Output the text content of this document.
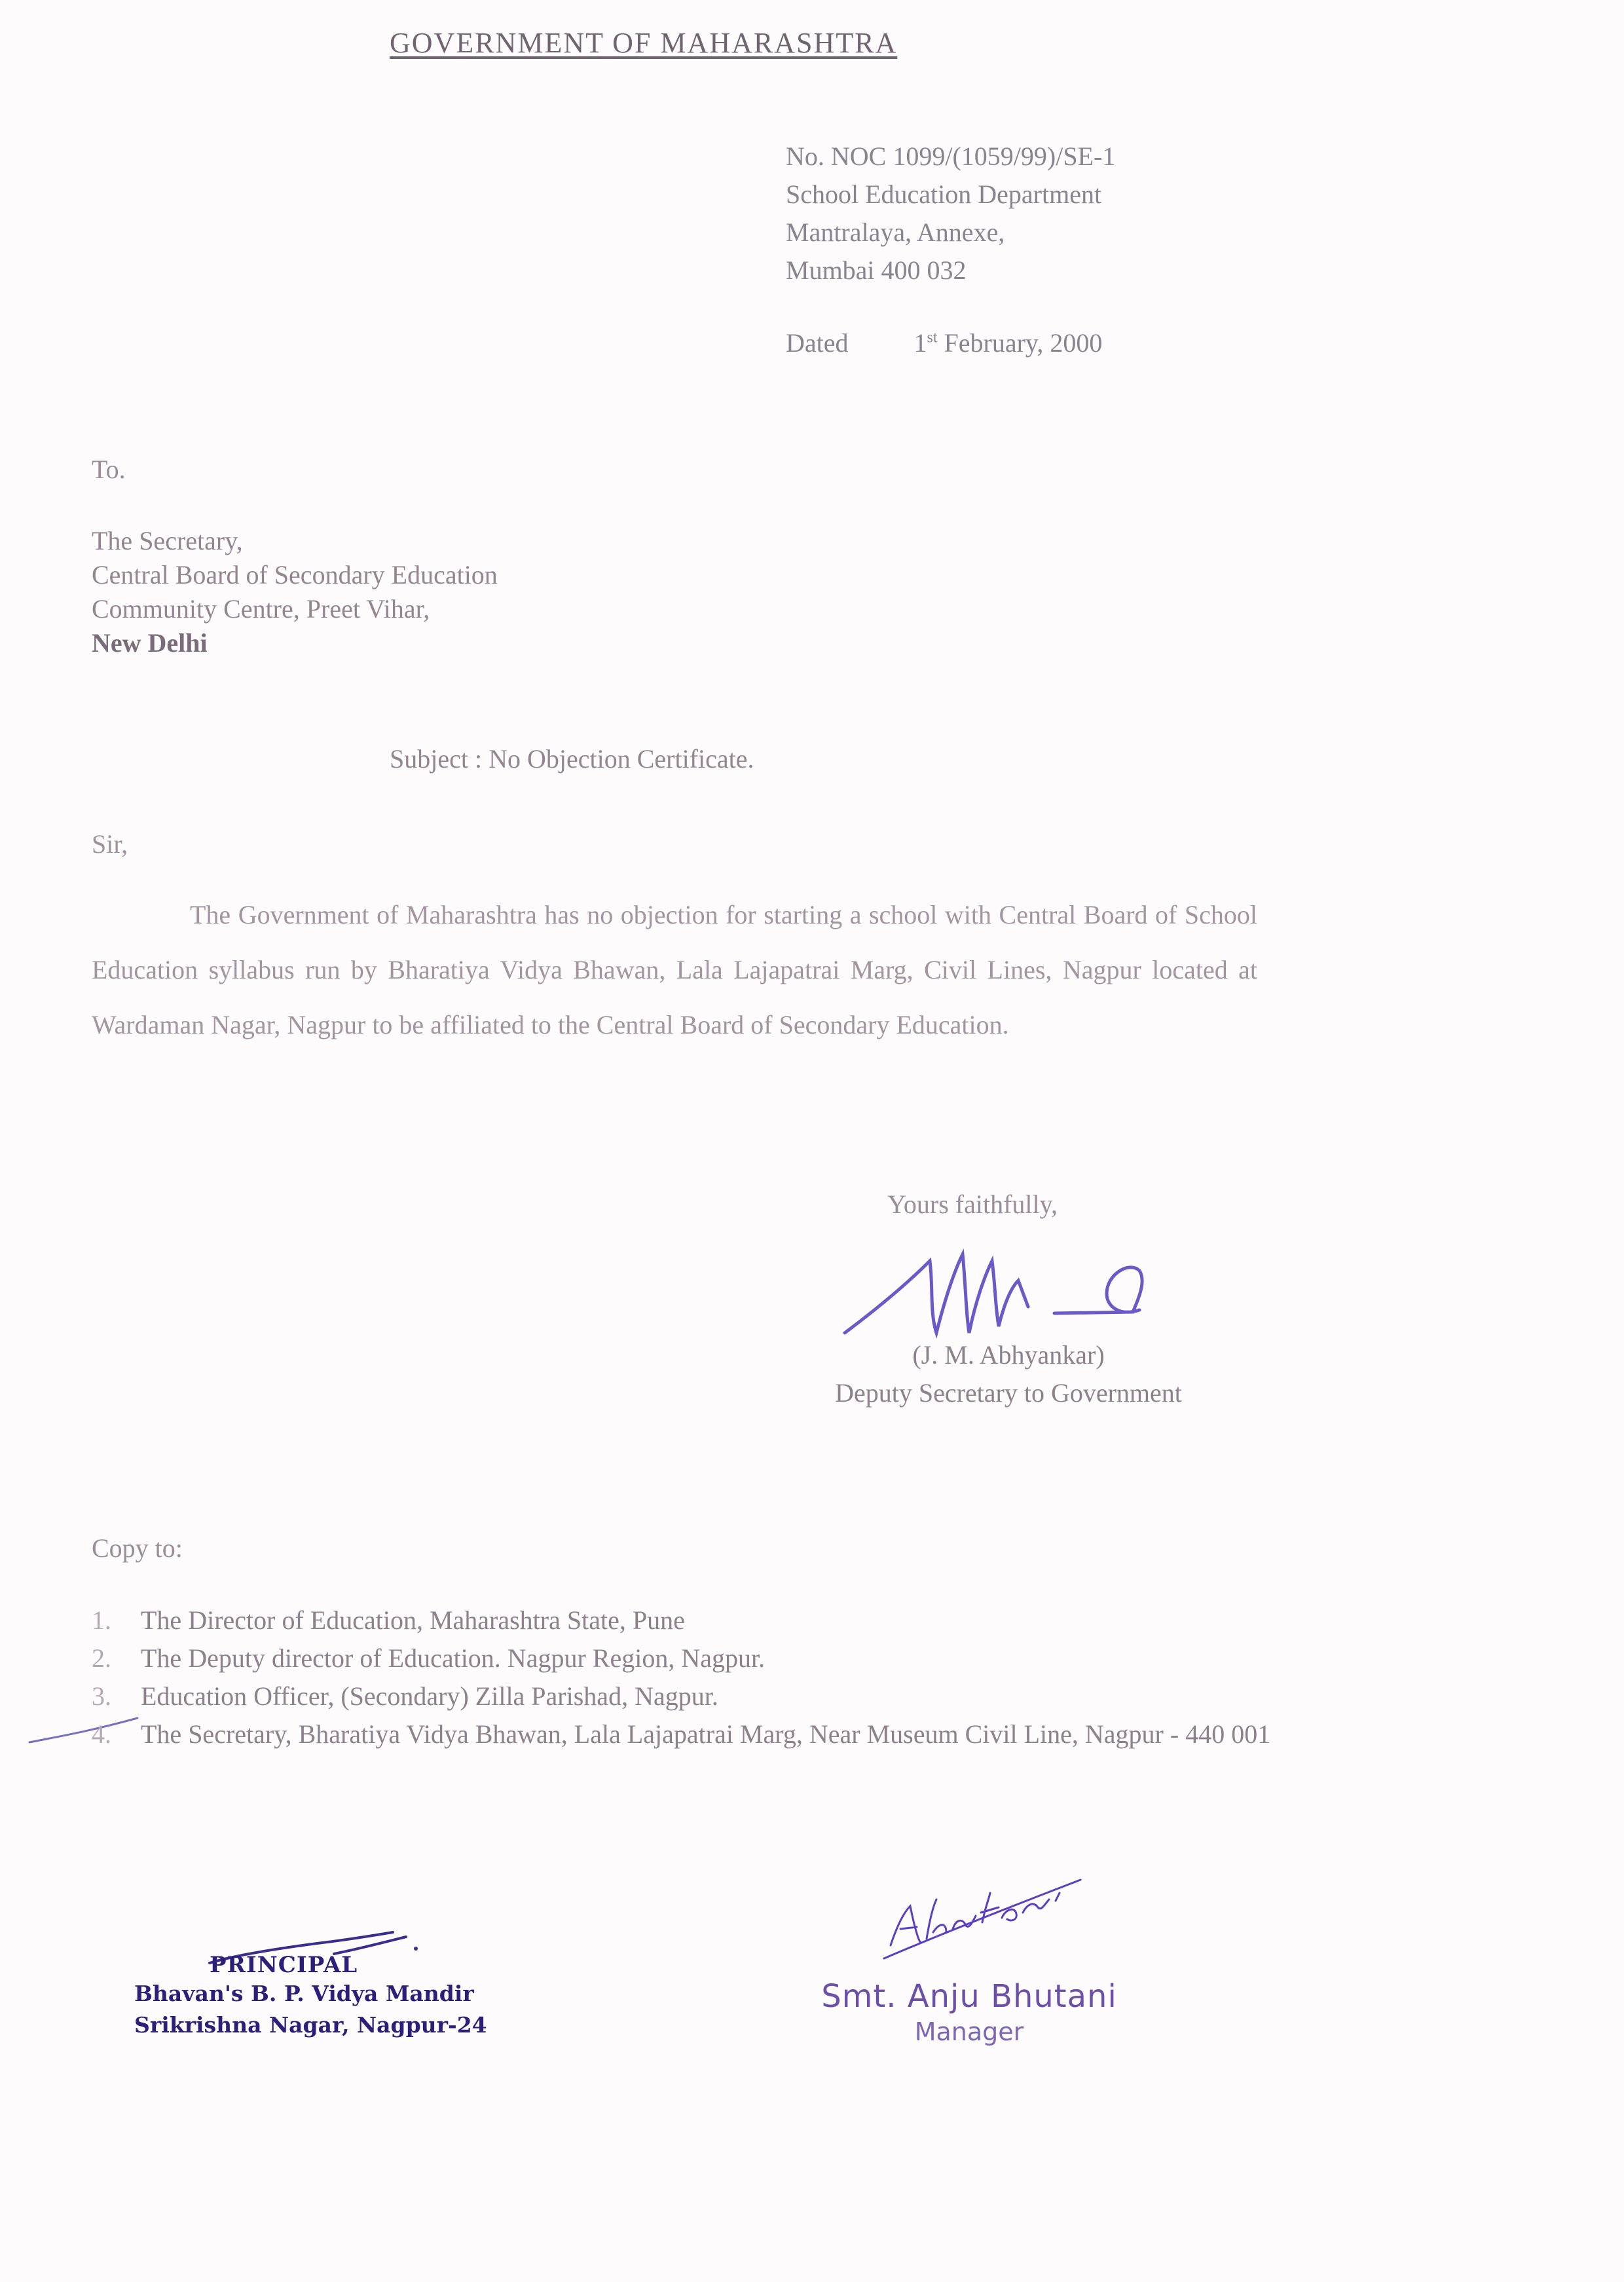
GOVERNMENT OF MAHARASHTRA
No. NOC 1099/(1059/99)/SE-1
School Education Department
Mantralaya, Annexe,
Mumbai 400 032
Dated	1st February, 2000
To.
The Secretary,
Central Board of Secondary Education
Community Centre, Preet Vihar,
New Delhi
Subject : No Objection Certificate.
Sir,
The Government of Maharashtra has no objection for starting a school with Central Board of School Education syllabus run by Bharatiya Vidya Bhawan, Lala Lajapatrai Marg, Civil Lines, Nagpur located at Wardaman Nagar, Nagpur to be affiliated to the Central Board of Secondary Education.
Yours faithfully,
(J. M. Abhyankar)
Deputy Secretary to Government
Copy to:
1.	The Director of Education, Maharashtra State, Pune
2.	The Deputy director of Education. Nagpur Region, Nagpur.
3.	Education Officer, (Secondary) Zilla Parishad, Nagpur.
4.	The Secretary, Bharatiya Vidya Bhawan, Lala Lajapatrai Marg, Near Museum Civil Line, Nagpur - 440 001
PRINCIPAL
Bhavan's B. P. Vidya Mandir
Srikrishna Nagar, Nagpur-24
Smt. Anju Bhutani
Manager
